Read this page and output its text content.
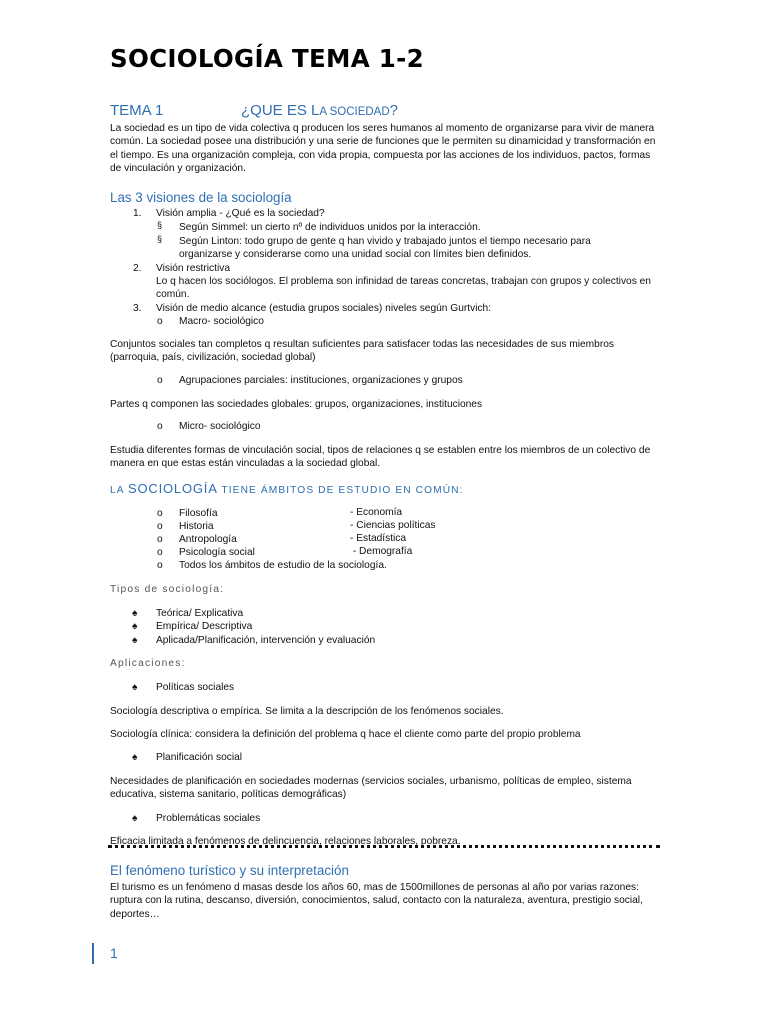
SOCIOLOGÍA TEMA 1-2
TEMA 1	¿QUE ES LA SOCIEDAD?

La sociedad es un tipo de vida colectiva q producen los seres humanos al momento de organizarse para vivir de manera común. La sociedad posee una distribución y una serie de funciones que le permiten su dinamicidad y transformación en el tiempo. Es una organización compleja, con vida propia, compuesta por las acciones de los individuos, pactos, formas de vinculación y organización.

Las 3 visiones de la sociología

1. Visión amplia - ¿Qué es la sociedad?
§ Según Simmel: un cierto nº de individuos unidos por la interacción.
§ Según Linton: todo grupo de gente q han vivido y trabajado juntos el tiempo necesario para organizarse y considerarse como una unidad social con límites bien definidos.
2. Visión restrictiva
Lo q hacen los sociólogos. El problema son infinidad de tareas concretas, trabajan con grupos y colectivos en común.
3. Visión de medio alcance (estudia grupos sociales) niveles según Gurtvich:
o Macro- sociológico

Conjuntos sociales tan completos q resultan suficientes para satisfacer todas las necesidades de sus miembros (parroquia, país, civilización, sociedad global)

o Agrupaciones parciales: instituciones, organizaciones y grupos

Partes q componen las sociedades globales: grupos, organizaciones, instituciones

o Micro- sociológico

Estudia diferentes formas de vinculación social, tipos de relaciones q se establen entre los miembros de un colectivo de manera en que estas están vinculadas a la sociedad global.

LA SOCIOLOGÍA TIENE ÁMBITOS DE ESTUDIO EN COMÚN:
o Filosofía	- Economía
o Historia	- Ciencias políticas
o Antropología	- Estadística
o Psicología social	- Demografía
o Todos los ámbitos de estudio de la sociología.
Tipos de sociología:
♠ Teórica/ Explicativa
♠ Empírica/ Descriptiva
♠ Aplicada/Planificación, intervención y evaluación
Aplicaciones:
♠ Políticas sociales

Sociología descriptiva o empírica. Se limita a la descripción de los fenómenos sociales.

Sociología clínica: considera la definición del problema q hace el cliente como parte del propio problema

♠ Planificación social

Necesidades de planificación en sociedades modernas (servicios sociales, urbanismo, políticas de empleo, sistema educativa, sistema sanitario, políticas demográficas)

♠ Problemáticas sociales

Eficacia limitada a fenómenos de delincuencia, relaciones laborales, pobreza.

El fenómeno turístico y su interpretación

El turismo es un fenómeno d masas desde los años 60, mas de 1500millones de personas al año por varias razones: ruptura con la rutina, descanso, diversión, conocimientos, salud, contacto con la naturaleza, aventura, prestigio social, deportes…

1
